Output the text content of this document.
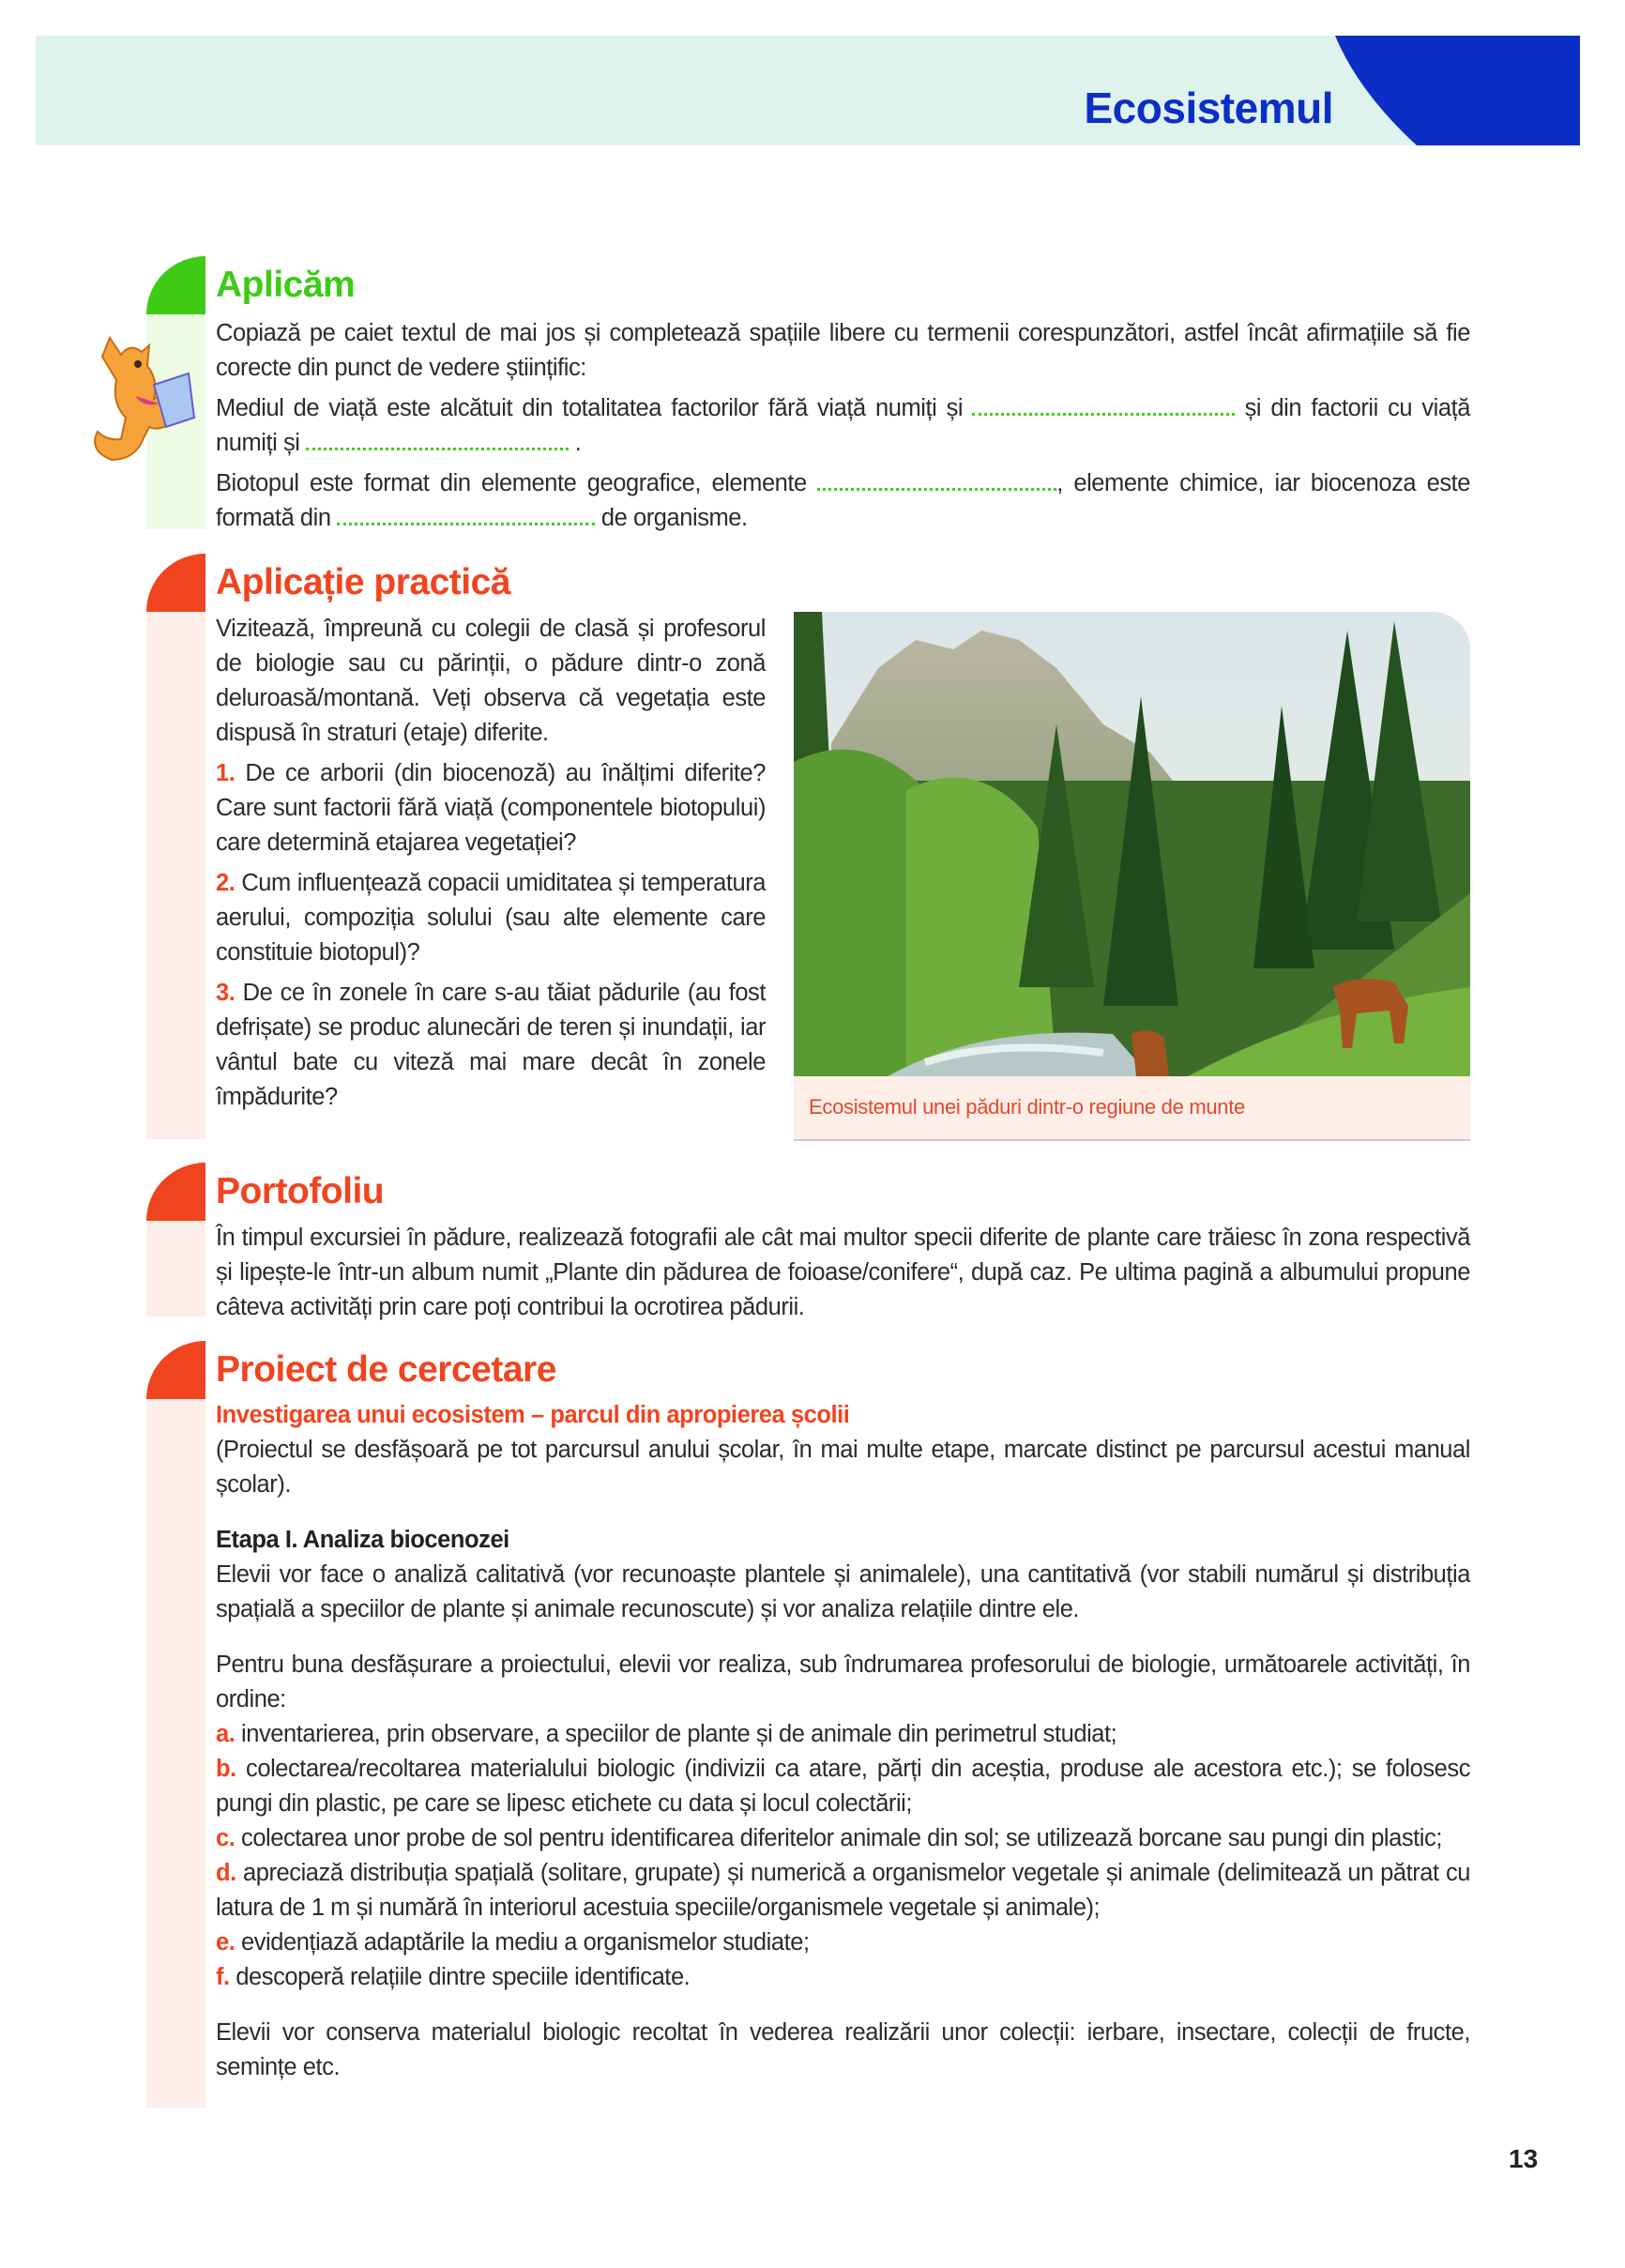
Ecosistemul
Aplicăm

Copiază pe caiet textul de mai jos și completează spațiile libere cu termenii corespunzători, astfel încât afirmațiile să fie corecte din punct de vedere științific:

Mediul de viață este alcătuit din totalitatea factorilor fără viață numiți și	și din factorii cu viață numiți și	.

Biotopul este format din elemente geografice, elemente	, elemente chimice, iar biocenoza este formată din	de organisme.

Aplicație practică

Vizitează, împreună cu colegii de clasă și profesorul de biologie sau cu părinții, o pădure dintr-o zonă deluroasă/montană. Veți observa că vegetația este dispusă în straturi (etaje) diferite.

1. De ce arborii (din biocenoză) au înălțimi diferite? Care sunt factorii fără viață (componentele biotopului) care determină etajarea vegetației?

2. Cum influențează copacii umiditatea și temperatura aerului, compoziția solului (sau alte elemente care constituie biotopul)?

3. De ce în zonele în care s-au tăiat pădurile (au fost defrișate) se produc alunecări de teren și inundații, iar vântul bate cu viteză mai mare decât în zonele împădurite?	Ecosistemul unei păduri dintr-o regiune de munte
Portofoliu

În timpul excursiei în pădure, realizează fotografii ale cât mai multor specii diferite de plante care trăiesc în zona respectivă și lipește-le într-un album numit „Plante din pădurea de foioase/conifere“, după caz. Pe ultima pagină a albumului propune câteva activități prin care poți contribui la ocrotirea pădurii.

Proiect de cercetare

Investigarea unui ecosistem – parcul din apropierea școlii

(Proiectul se desfășoară pe tot parcursul anului școlar, în mai multe etape, marcate distinct pe parcursul acestui manual școlar).

Etapa I. Analiza biocenozei

Elevii vor face o analiză calitativă (vor recunoaște plantele și animalele), una cantitativă (vor stabili numărul și distribuția spațială a speciilor de plante și animale recunoscute) și vor analiza relațiile dintre ele.

Pentru buna desfășurare a proiectului, elevii vor realiza, sub îndrumarea profesorului de biologie, următoarele activități, în ordine:

a. inventarierea, prin observare, a speciilor de plante și de animale din perimetrul studiat;

b. colectarea/recoltarea materialului biologic (indivizii ca atare, părți din aceștia, produse ale acestora etc.); se folosesc pungi din plastic, pe care se lipesc etichete cu data și locul colectării;

c. colectarea unor probe de sol pentru identificarea diferitelor animale din sol; se utilizează borcane sau pungi din plastic;

d. apreciază distribuția spațială (solitare, grupate) și numerică a organismelor vegetale și animale (delimitează un pătrat cu latura de 1 m și numără în interiorul acestuia speciile/organismele vegetale și animale);

e. evidențiază adaptările la mediu a organismelor studiate;

f. descoperă relațiile dintre speciile identificate.

Elevii vor conserva materialul biologic recoltat în vederea realizării unor colecții: ierbare, insectare, colecții de fructe, semințe etc.

13
